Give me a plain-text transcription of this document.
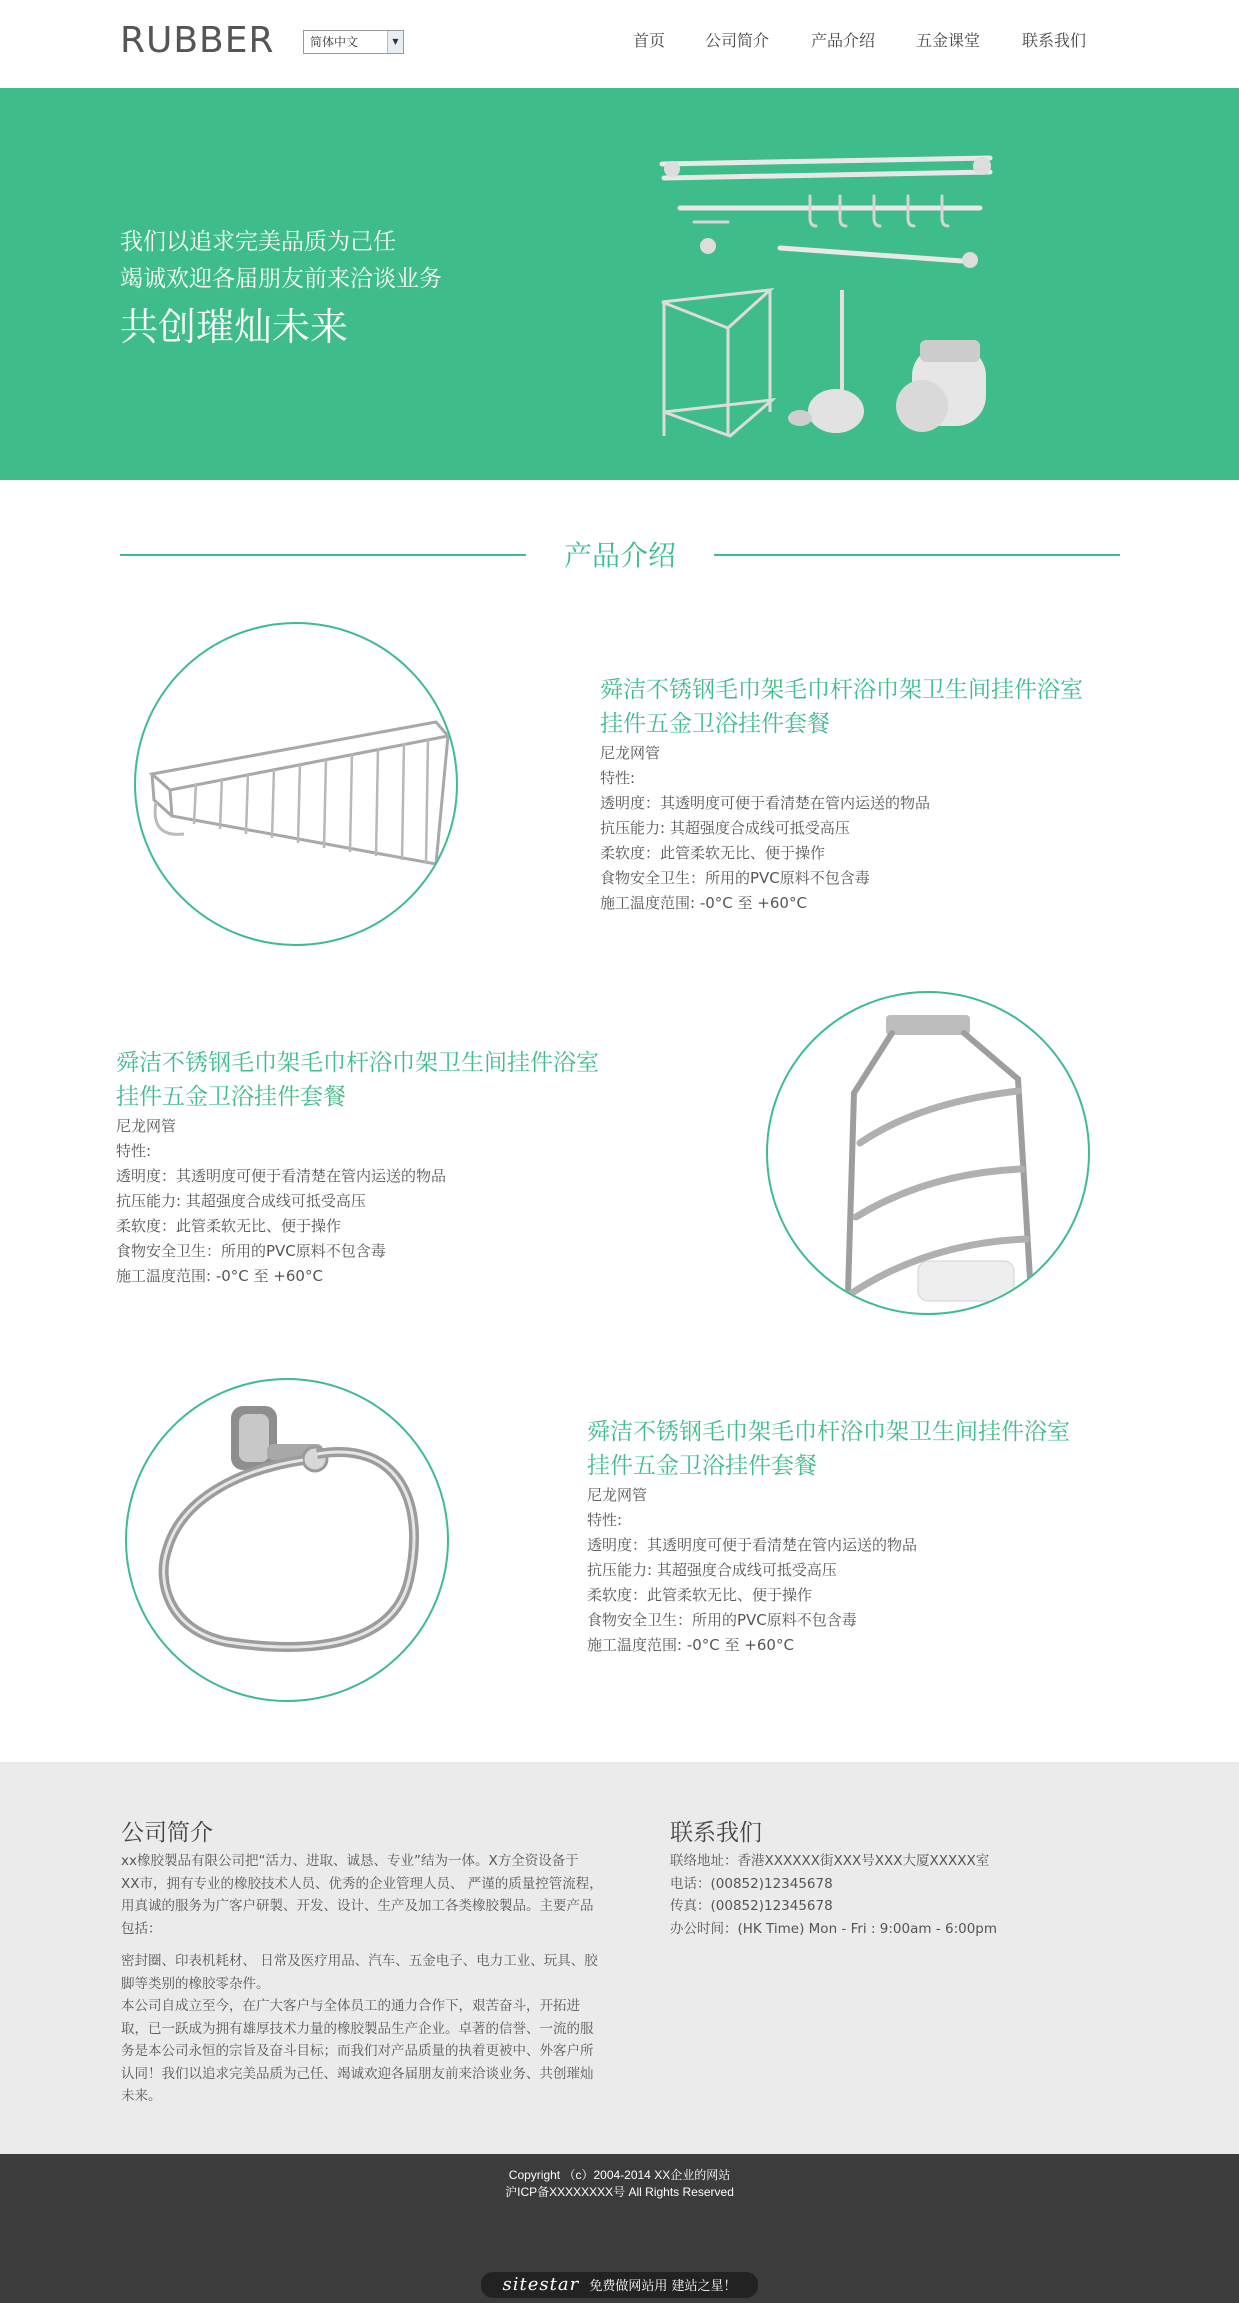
RUBBER	简体中文	▼	首页 公司简介	产品介绍	五金课堂	联系我们
我们以追求完美品质为己任
竭诚欢迎各届朋友前来洽谈业务
共创璀灿未来
产品介绍
舜洁不锈钢毛巾架毛巾杆浴巾架卫生间挂件浴室
挂件五金卫浴挂件套餐
尼龙网管
特性:
透明度：其透明度可便于看清楚在管内运送的物品
抗压能力: 其超强度合成线可抵受高压
柔软度：此管柔软无比、便于操作
食物安全卫生：所用的PVC原料不包含毒
施工温度范围: -0°C 至 +60°C
舜洁不锈钢毛巾架毛巾杆浴巾架卫生间挂件浴室
挂件五金卫浴挂件套餐
尼龙网管
特性:
透明度：其透明度可便于看清楚在管内运送的物品
抗压能力: 其超强度合成线可抵受高压
柔软度：此管柔软无比、便于操作
食物安全卫生：所用的PVC原料不包含毒
施工温度范围: -0°C 至 +60°C
舜洁不锈钢毛巾架毛巾杆浴巾架卫生间挂件浴室
挂件五金卫浴挂件套餐
尼龙网管
特性:
透明度：其透明度可便于看清楚在管内运送的物品
抗压能力: 其超强度合成线可抵受高压
柔软度：此管柔软无比、便于操作
食物安全卫生：所用的PVC原料不包含毒
施工温度范围: -0°C 至 +60°C
公司简介
xx橡胶製品有限公司把“活力、进取、诚恳、专业”结为一体。X方全资设备于
XX市，拥有专业的橡胶技术人员、优秀的企业管理人员、 严谨的质量控管流程，
用真诚的服务为广客户研製、开发、设计、生产及加工各类橡胶製品。主要产品
包括：
密封圈、印表机耗材、 日常及医疗用品、汽车、五金电子、电力工业、玩具、胶
脚等类别的橡胶零杂件。
本公司自成立至今，在广大客户与全体员工的通力合作下，艰苦奋斗，开拓进
取，已一跃成为拥有雄厚技术力量的橡胶製品生产企业。卓著的信誉、一流的服
务是本公司永恒的宗旨及奋斗目标；而我们对产品质量的执着更被中、外客户所
认同！我们以追求完美品质为己任、竭诚欢迎各届朋友前来洽谈业务、共创璀灿
未来。
联系我们
联络地址：香港XXXXXX街XXX号XXX大厦XXXXX室
电话：(00852)12345678
传真：(00852)12345678
办公时间：(HK Time) Mon - Fri : 9:00am - 6:00pm
Copyright （c）2004-2014 XX企业的网站
沪ICP备XXXXXXXX号 All Rights Reserved
sitestar 免费做网站用 建站之星！
